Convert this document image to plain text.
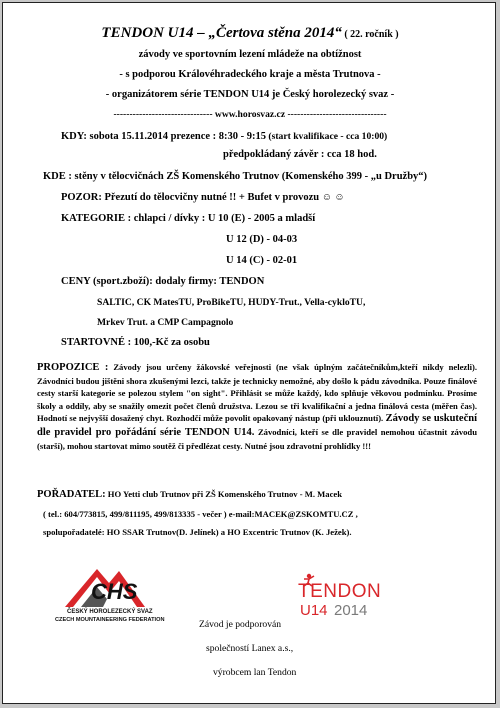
TENDON U14 – „Čertova stěna 2014“ ( 22. ročník )
závody ve sportovním lezení mládeže na obtížnost
- s podporou Královéhradeckého kraje a města Trutnova -
- organizátorem série TENDON U14 je Český horolezecký svaz -
------------------------------- www.horosvaz.cz -------------------------------
KDY: sobota 15.11.2014 prezence : 8:30 - 9:15 (start kvalifikace - cca 10:00)
předpokládaný závěr : cca 18 hod.
KDE : stěny v tělocvičnách ZŠ Komenského Trutnov (Komenského 399 - „u Družby“)
POZOR: Přezutí do tělocvičny nutné !! + Bufet v provozu ☺ ☺
KATEGORIE : chlapci / dívky : U 10 (E) - 2005 a mladší
U 12 (D) - 04-03
U 14 (C) - 02-01
CENY (sport.zboží): dodaly firmy: TENDON
SALTIC, CK MatesTU, ProBikeTU, HUDY-Trut., Vella-cykloTU,
Mrkev Trut. a CMP Campagnolo
STARTOVNÉ : 100,-Kč za osobu
PROPOZICE : Závody jsou určeny žákovské veřejnosti (ne však úplným začátečníkům,kteří nikdy nelezli). Závodníci budou jištěni shora zkušenými lezci, takže je technicky nemožné, aby došlo k pádu závodníka. Pouze finálové cesty starší kategorie se polezou stylem "on sight". Přihlásit se může každý, kdo splňuje věkovou podmínku. Prosíme školy a oddíly, aby se snažily omezit počet členů družstva. Lezou se tři kvalifikační a jedna finálová cesta (měřen čas). Hodnotí se nejvyšší dosažený chyt. Rozhodčí může povolit opakovaný nástup (při uklouznutí). Závody se uskuteční dle pravidel pro pořádání série TENDON U14. Závodníci, kteří se dle pravidel nemohou účastnit závodu (starší), mohou startovat mimo soutěž či předlézat cesty. Nutné jsou zdravotní prohlídky !!!
POŘADATEL: HO Yetti club Trutnov při ZŠ Komenského Trutnov - M. Macek
( tel.: 604/773815, 499/811195, 499/813335 - večer ) e-mail:MACEK@ZSKOMTU.CZ ,
spolupořadatelé: HO SSAR Trutnov(D. Jelínek) a HO Excentric Trutnov (K. Ježek).
CHS
ČESKÝ HOROLEZECKÝ SVAZ
CZECH MOUNTAINEERING FEDERATION	Závod je podporován
společností Lanex a.s.,
výrobcem lan Tendon
TENDON
U14 2014
